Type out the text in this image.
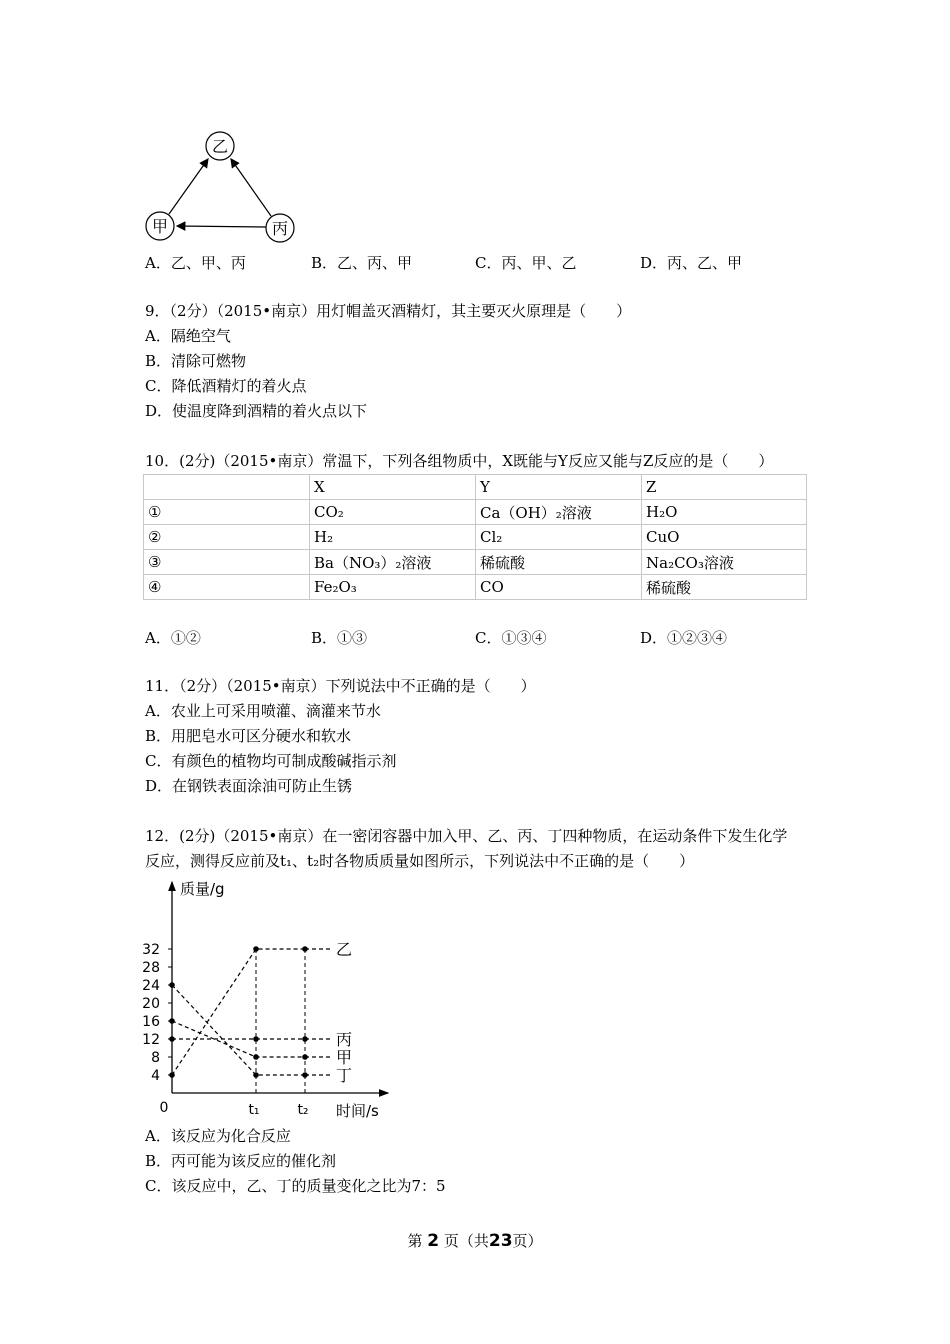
乙
甲	丙
A．乙、甲、丙	B．乙、丙、甲	C．丙、甲、乙	D．丙、乙、甲
9．（2分）（2015•南京）用灯帽盖灭酒精灯，其主要灭火原理是（　　）
A．隔绝空气
B．清除可燃物
C．降低酒精灯的着火点
D．使温度降到酒精的着火点以下
10．(2分)（2015•南京）常温下，下列各组物质中，X既能与Y反应又能与Z反应的是（　　）
	X	Y	Z
①	CO₂	Ca（OH）₂溶液	H₂O
②	H₂	Cl₂	CuO
③	Ba（NO₃）₂溶液	稀硫酸	Na₂CO₃溶液
④	Fe₂O₃	CO	稀硫酸
A．①②	B．①③	C．①③④	D．①②③④
11．（2分）（2015•南京）下列说法中不正确的是（　　）
A．农业上可采用喷灌、滴灌来节水
B．用肥皂水可区分硬水和软水
C．有颜色的植物均可制成酸碱指示剂
D．在钢铁表面涂油可防止生锈
12．(2分)（2015•南京）在一密闭容器中加入甲、乙、丙、丁四种物质，在运动条件下发生化学
反应，测得反应前及t₁、t₂时各物质质量如图所示，下列说法中不正确的是（　　）
4
8
12
16
20
24
28
32
质量/g
时间/s
0	t₁	t₂
乙
丙
甲
丁
A．该反应为化合反应
B．丙可能为该反应的催化剂
C．该反应中，乙、丁的质量变化之比为7：5
第 2 页（共23页）
